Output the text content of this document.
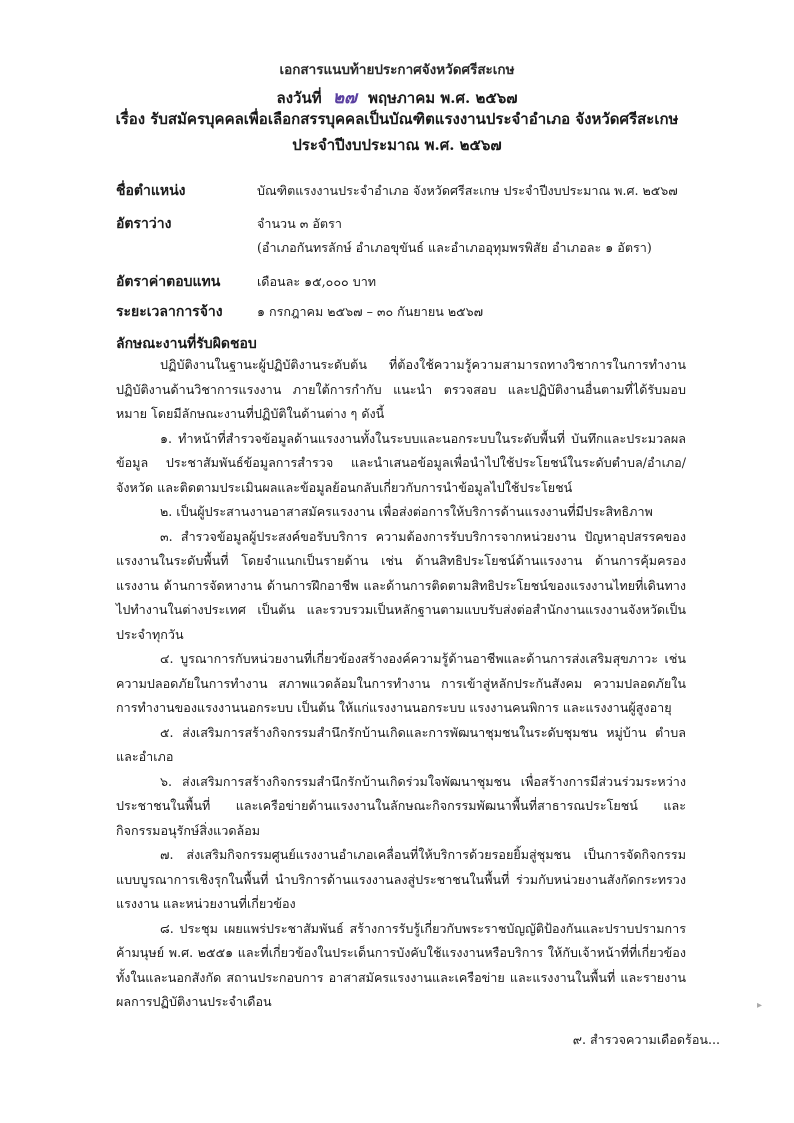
เอกสารแนบท้ายประกาศจังหวัดศรีสะเกษ
ลงวันที่ ๒๗ พฤษภาคม พ.ศ. ๒๕๖๗
เรื่อง รับสมัครบุคคลเพื่อเลือกสรรบุคคลเป็นบัณฑิตแรงงานประจำอำเภอ จังหวัดศรีสะเกษ
ประจำปีงบประมาณ พ.ศ. ๒๕๖๗
ชื่อตำแหน่ง	บัณฑิตแรงงานประจำอำเภอ จังหวัดศรีสะเกษ ประจำปีงบประมาณ พ.ศ. ๒๕๖๗
อัตราว่าง	จำนวน ๓ อัตรา
(อำเภอกันทรลักษ์ อำเภอขุขันธ์ และอำเภออุทุมพรพิสัย อำเภอละ ๑ อัตรา)
อัตราค่าตอบแทน	เดือนละ ๑๕,๐๐๐ บาท
ระยะเวลาการจ้าง	๑ กรกฎาคม ๒๕๖๗ – ๓๐ กันยายน ๒๕๖๗
ลักษณะงานที่รับผิดชอบ

ปฏิบัติงานในฐานะผู้ปฏิบัติงานระดับต้น ที่ต้องใช้ความรู้ความสามารถทางวิชาการในการทำงาน ปฏิบัติงานด้านวิชาการแรงงาน ภายใต้การกำกับ แนะนำ ตรวจสอบ และปฏิบัติงานอื่นตามที่ได้รับมอบหมาย โดยมีลักษณะงานที่ปฏิบัติในด้านต่าง ๆ ดังนี้

๑. ทำหน้าที่สำรวจข้อมูลด้านแรงงานทั้งในระบบและนอกระบบในระดับพื้นที่ บันทึกและประมวลผลข้อมูล ประชาสัมพันธ์ข้อมูลการสำรวจ และนำเสนอข้อมูลเพื่อนำไปใช้ประโยชน์ในระดับตำบล/อำเภอ/จังหวัด และติดตามประเมินผลและข้อมูลย้อนกลับเกี่ยวกับการนำข้อมูลไปใช้ประโยชน์

๒. เป็นผู้ประสานงานอาสาสมัครแรงงาน เพื่อส่งต่อการให้บริการด้านแรงงานที่มีประสิทธิภาพ

๓. สำรวจข้อมูลผู้ประสงค์ขอรับบริการ ความต้องการรับบริการจากหน่วยงาน ปัญหาอุปสรรคของแรงงานในระดับพื้นที่ โดยจำแนกเป็นรายด้าน เช่น ด้านสิทธิประโยชน์ด้านแรงงาน ด้านการคุ้มครองแรงงาน ด้านการจัดหางาน ด้านการฝึกอาชีพ และด้านการติดตามสิทธิประโยชน์ของแรงงานไทยที่เดินทางไปทำงานในต่างประเทศ เป็นต้น และรวบรวมเป็นหลักฐานตามแบบรับส่งต่อสำนักงานแรงงานจังหวัดเป็นประจำทุกวัน

๔. บูรณาการกับหน่วยงานที่เกี่ยวข้องสร้างองค์ความรู้ด้านอาชีพและด้านการส่งเสริมสุขภาวะ เช่น ความปลอดภัยในการทำงาน สภาพแวดล้อมในการทำงาน การเข้าสู่หลักประกันสังคม ความปลอดภัยในการทำงานของแรงงานนอกระบบ เป็นต้น ให้แก่แรงงานนอกระบบ แรงงานคนพิการ และแรงงานผู้สูงอายุ

๕. ส่งเสริมการสร้างกิจกรรมสำนึกรักบ้านเกิดและการพัฒนาชุมชนในระดับชุมชน หมู่บ้าน ตำบล และอำเภอ

๖. ส่งเสริมการสร้างกิจกรรมสำนึกรักบ้านเกิดร่วมใจพัฒนาชุมชน เพื่อสร้างการมีส่วนร่วมระหว่างประชาชนในพื้นที่ และเครือข่ายด้านแรงงานในลักษณะกิจกรรมพัฒนาพื้นที่สาธารณประโยชน์ และกิจกรรมอนุรักษ์สิ่งแวดล้อม

๗. ส่งเสริมกิจกรรมศูนย์แรงงานอำเภอเคลื่อนที่ให้บริการด้วยรอยยิ้มสู่ชุมชน เป็นการจัดกิจกรรมแบบบูรณาการเชิงรุกในพื้นที่ นำบริการด้านแรงงานลงสู่ประชาชนในพื้นที่ ร่วมกับหน่วยงานสังกัดกระทรวงแรงงาน และหน่วยงานที่เกี่ยวข้อง

๘. ประชุม เผยแพร่ประชาสัมพันธ์ สร้างการรับรู้เกี่ยวกับพระราชบัญญัติป้องกันและปราบปรามการค้ามนุษย์ พ.ศ. ๒๕๕๑ และที่เกี่ยวข้องในประเด็นการบังคับใช้แรงงานหรือบริการ ให้กับเจ้าหน้าที่ที่เกี่ยวข้องทั้งในและนอกสังกัด สถานประกอบการ อาสาสมัครแรงงานและเครือข่าย และแรงงานในพื้นที่ และรายงานผลการปฏิบัติงานประจำเดือน	▸
๙. สำรวจความเดือดร้อน...
